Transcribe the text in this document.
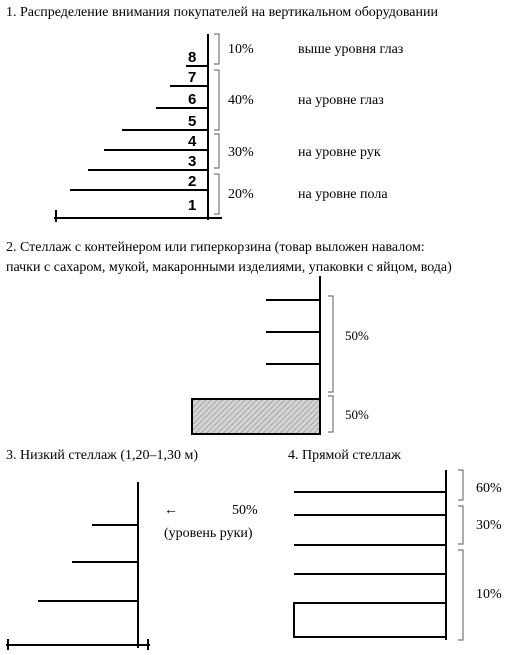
1. Распределение внимания покупателей на вертикальном оборудовании
8
7
6
5
4
3
2
1
10%	выше уровня глаз
40%	на уровне глаз
30%	на уровне рук
20%	на уровне пола
2. Стеллаж с контейнером или гиперкорзина (товар выложен навалом:
пачки с сахаром, мукой, макаронными изделиями, упаковки с яйцом, вода)
50%
50%
3. Низкий стеллаж (1,20–1,30 м)
←	50%
(уровень руки)
4. Прямой стеллаж
60%
30%
10%
